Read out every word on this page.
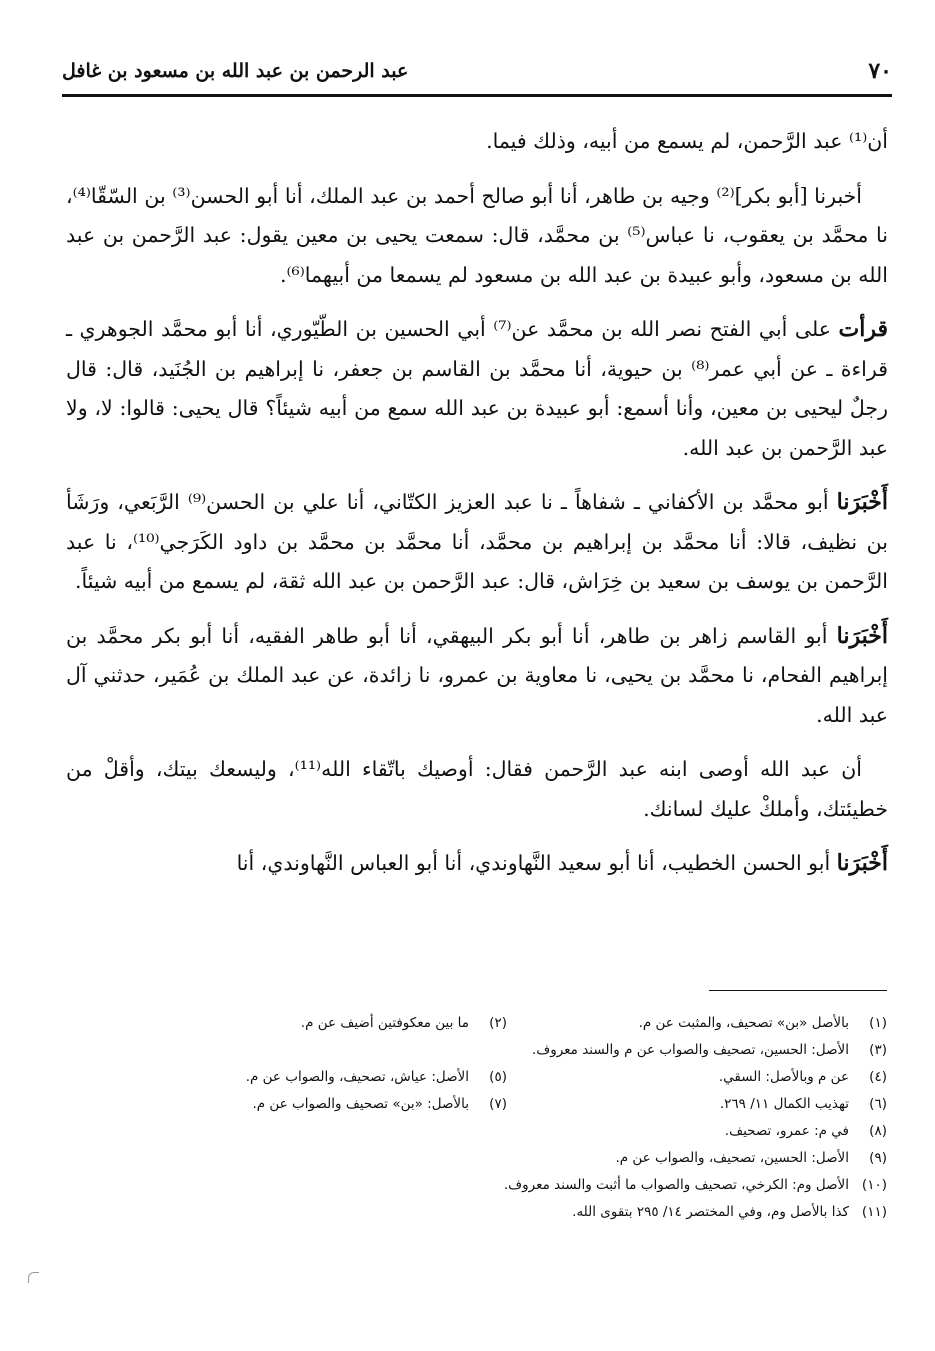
٧٠
عبد الرحمن بن عبد الله بن مسعود بن غافل

أن⁽¹⁾ عبد الرَّحمن، لم يسمع من أبيه، وذلك فيما.

أخبرنا [أبو بكر]⁽²⁾ وجيه بن طاهر، أنا أبو صالح أحمد بن عبد الملك، أنا أبو الحسن⁽³⁾ بن السّقّا⁽⁴⁾، نا محمَّد بن يعقوب، نا عباس⁽⁵⁾ بن محمَّد، قال: سمعت يحيى بن معين يقول: عبد الرَّحمن بن عبد الله بن مسعود، وأبو عبيدة بن عبد الله بن مسعود لم يسمعا من أبيهما⁽⁶⁾.

قرأت على أبي الفتح نصر الله بن محمَّد عن⁽⁷⁾ أبي الحسين بن الطّيّوري، أنا أبو محمَّد الجوهري ـ قراءة ـ عن أبي عمر⁽⁸⁾ بن حيوية، أنا محمَّد بن القاسم بن جعفر، نا إبراهيم بن الجُنَيد، قال: قال رجلٌ ليحيى بن معين، وأنا أسمع: أبو عبيدة بن عبد الله سمع من أبيه شيئاً؟ قال يحيى: قالوا: لا، ولا عبد الرَّحمن بن عبد الله.

أَخْبَرَنا أبو محمَّد بن الأكفاني ـ شفاهاً ـ نا عبد العزيز الكتّاني، أنا علي بن الحسن⁽⁹⁾ الرَّبَعي، ورَشَأ بن نظيف، قالا: أنا محمَّد بن إبراهيم بن محمَّد، أنا محمَّد بن محمَّد بن داود الكَرَجي⁽¹⁰⁾، نا عبد الرَّحمن بن يوسف بن سعيد بن خِرَاش، قال: عبد الرَّحمن بن عبد الله ثقة، لم يسمع من أبيه شيئاً.

أَخْبَرَنا أبو القاسم زاهر بن طاهر، أنا أبو بكر البيهقي، أنا أبو طاهر الفقيه، أنا أبو بكر محمَّد بن إبراهيم الفحام، نا محمَّد بن يحيى، نا معاوية بن عمرو، نا زائدة، عن عبد الملك بن عُمَير، حدثني آل عبد الله.

أن عبد الله أوصى ابنه عبد الرَّحمن فقال: أوصيك باتّقاء الله⁽¹¹⁾، وليسعك بيتك، وأقلْ من خطيئتك، وأملكْ عليك لسانك.

أَخْبَرَنا أبو الحسن الخطيب، أنا أبو سعيد النَّهاوندي، أنا أبو العباس النَّهاوندي، أنا

(١)
بالأصل «بن» تصحيف، والمثبت عن م.
(٢)
ما بين معكوفتين أضيف عن م.
(٣)
الأصل: الحسين، تصحيف والصواب عن م والسند معروف.
(٤)
عن م وبالأصل: السقي.
(٥)
الأصل: عياش، تصحيف، والصواب عن م.
(٦)
تهذيب الكمال ١١/ ٢٦٩.
(٧)
بالأصل: «بن» تصحيف والصواب عن م.
(٨)
في م: عمرو، تصحيف.
(٩)
الأصل: الحسين، تصحيف، والصواب عن م.
(١٠)
الأصل وم: الكرخي، تصحيف والصواب ما أثبت والسند معروف.
(١١)
كذا بالأصل وم، وفي المختصر ١٤/ ٢٩٥ بتقوى الله.
